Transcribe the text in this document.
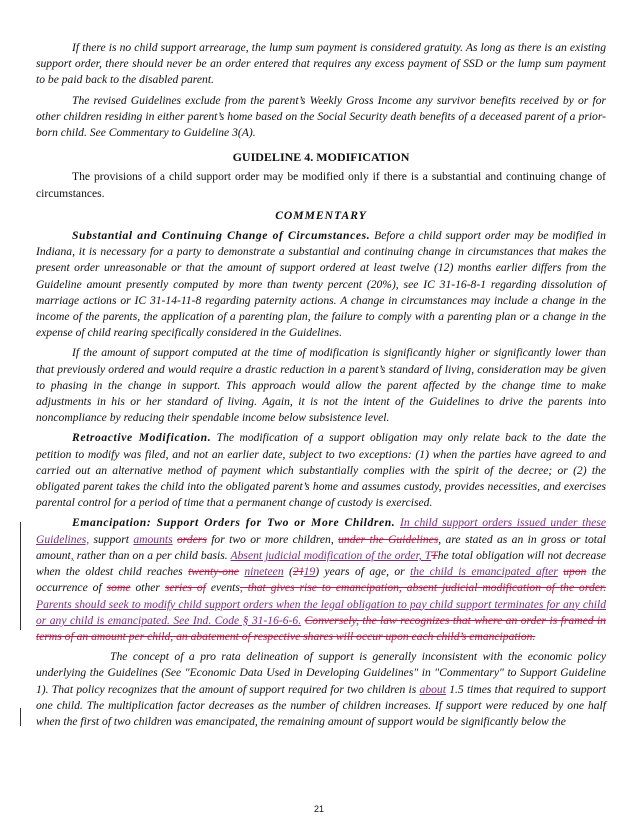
If there is no child support arrearage, the lump sum payment is considered gratuity. As long as there is an existing support order, there should never be an order entered that requires any excess payment of SSD or the lump sum payment to be paid back to the disabled parent.

The revised Guidelines exclude from the parent’s Weekly Gross Income any survivor benefits received by or for other children residing in either parent’s home based on the Social Security death benefits of a deceased parent of a prior-born child. See Commentary to Guideline 3(A).

GUIDELINE 4. MODIFICATION

The provisions of a child support order may be modified only if there is a substantial and continuing change of circumstances.

COMMENTARY

Substantial and Continuing Change of Circumstances. Before a child support order may be modified in Indiana, it is necessary for a party to demonstrate a substantial and continuing change in circumstances that makes the present order unreasonable or that the amount of support ordered at least twelve (12) months earlier differs from the Guideline amount presently computed by more than twenty percent (20%), see IC 31-16-8-1 regarding dissolution of marriage actions or IC 31-14-11-8 regarding paternity actions. A change in circumstances may include a change in the income of the parents, the application of a parenting plan, the failure to comply with a parenting plan or a change in the expense of child rearing specifically considered in the Guidelines.

If the amount of support computed at the time of modification is significantly higher or significantly lower than that previously ordered and would require a drastic reduction in a parent’s standard of living, consideration may be given to phasing in the change in support. This approach would allow the parent affected by the change time to make adjustments in his or her standard of living. Again, it is not the intent of the Guidelines to drive the parents into noncompliance by reducing their spendable income below subsistence level.

Retroactive Modification. The modification of a support obligation may only relate back to the date the petition to modify was filed, and not an earlier date, subject to two exceptions: (1) when the parties have agreed to and carried out an alternative method of payment which substantially complies with the spirit of the decree; or (2) the obligated parent takes the child into the obligated parent’s home and assumes custody, provides necessities, and exercises parental control for a period of time that a permanent change of custody is exercised.

Emancipation: Support Orders for Two or More Children. In child support orders issued under these Guidelines, support amounts orders for two or more children, under the Guidelines, are stated as an in gross or total amount, rather than on a per child basis. Absent judicial modification of the order, TThe total obligation will not decrease when the oldest child reaches twenty-one nineteen (2119) years of age, or the child is emancipated after upon the occurrence of some other series of events, that gives rise to emancipation, absent judicial modification of the order. Parents should seek to modify child support orders when the legal obligation to pay child support terminates for any child or any child is emancipated. See Ind. Code § 31-16-6-6. Conversely, the law recognizes that where an order is framed in terms of an amount per child, an abatement of respective shares will occur upon each child’s emancipation.

The concept of a pro rata delineation of support is generally inconsistent with the economic policy underlying the Guidelines (See "Economic Data Used in Developing Guidelines" in "Commentary" to Support Guideline 1). That policy recognizes that the amount of support required for two children is about 1.5 times that required to support one child. The multiplication factor decreases as the number of children increases. If support were reduced by one half when the first of two children was emancipated, the remaining amount of support would be significantly below the

21
